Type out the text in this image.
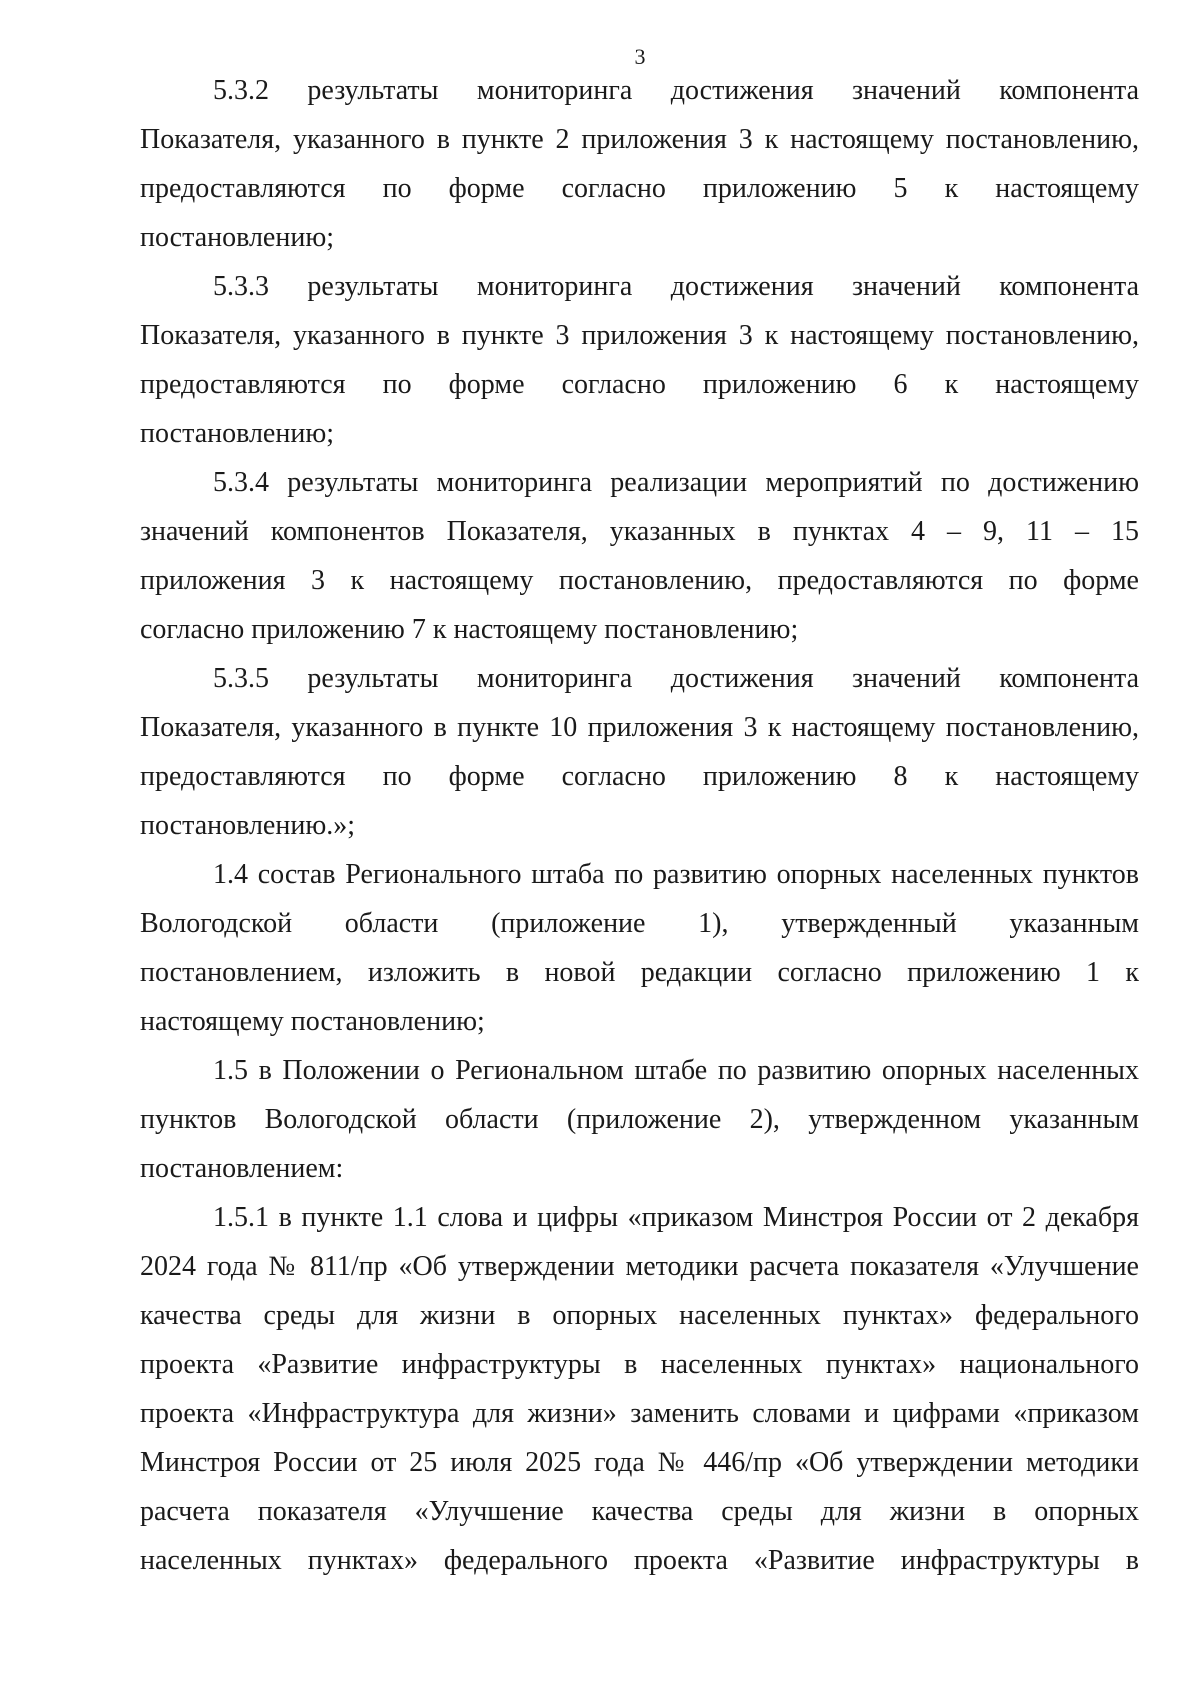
3

5.3.2 результаты мониторинга достижения значений компонента
Показателя, указанного в пункте 2 приложения 3 к настоящему постановлению,
предоставляются по форме согласно приложению 5 к настоящему
постановлению;

5.3.3 результаты мониторинга достижения значений компонента
Показателя, указанного в пункте 3 приложения 3 к настоящему постановлению,
предоставляются по форме согласно приложению 6 к настоящему
постановлению;

5.3.4 результаты мониторинга реализации мероприятий по достижению
значений компонентов Показателя, указанных в пунктах 4 – 9, 11 – 15
приложения 3 к настоящему постановлению, предоставляются по форме
согласно приложению 7 к настоящему постановлению;

5.3.5 результаты мониторинга достижения значений компонента
Показателя, указанного в пункте 10 приложения 3 к настоящему постановлению,
предоставляются по форме согласно приложению 8 к настоящему
постановлению.»;

1.4 состав Регионального штаба по развитию опорных населенных пунктов
Вологодской области (приложение 1), утвержденный указанным
постановлением, изложить в новой редакции согласно приложению 1 к
настоящему постановлению;

1.5 в Положении о Региональном штабе по развитию опорных населенных
пунктов Вологодской области (приложение 2), утвержденном указанным
постановлением:

1.5.1 в пункте 1.1 слова и цифры «приказом Минстроя России от 2 декабря
2024 года № 811/пр «Об утверждении методики расчета показателя «Улучшение
качества среды для жизни в опорных населенных пунктах» федерального
проекта «Развитие инфраструктуры в населенных пунктах» национального
проекта «Инфраструктура для жизни» заменить словами и цифрами «приказом
Минстроя России от 25 июля 2025 года № 446/пр «Об утверждении методики
расчета показателя «Улучшение качества среды для жизни в опорных
населенных пунктах» федерального проекта «Развитие инфраструктуры в
